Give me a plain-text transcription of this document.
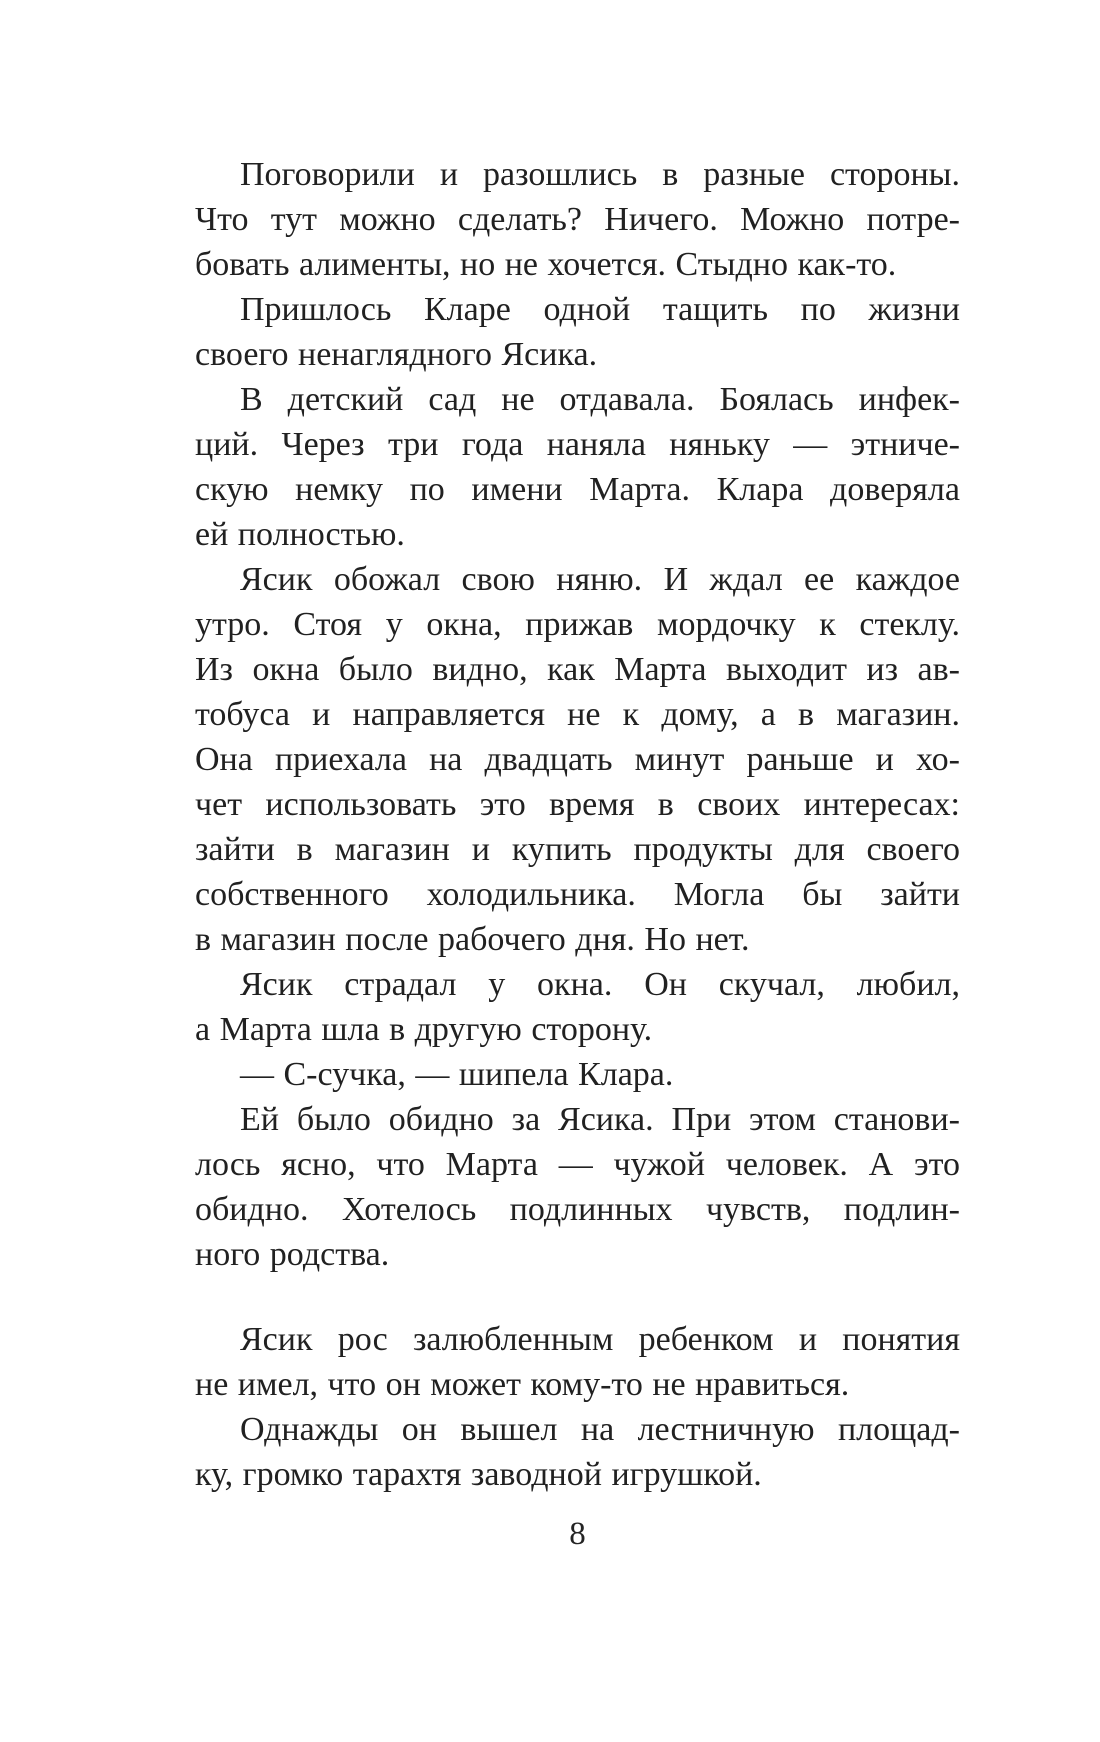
Поговорили и разошлись в разные стороны.
Что тут можно сделать? Ничего. Можно потре-
бовать алименты, но не хочется. Стыдно как-то.
Пришлось Кларе одной тащить по жизни
своего ненаглядного Ясика.
В детский сад не отдавала. Боялась инфек-
ций. Через три года наняла няньку — этниче-
скую немку по имени Марта. Клара доверяла
ей полностью.
Ясик обожал свою няню. И ждал ее каждое
утро. Стоя у окна, прижав мордочку к стеклу.
Из окна было видно, как Марта выходит из ав-
тобуса и направляется не к дому, а в магазин.
Она приехала на двадцать минут раньше и хо-
чет использовать это время в своих интересах:
зайти в магазин и купить продукты для своего
собственного холодильника. Могла бы зайти
в магазин после рабочего дня. Но нет.
Ясик страдал у окна. Он скучал, любил,
а Марта шла в другую сторону.
— С-сучка, — шипела Клара.
Ей было обидно за Ясика. При этом станови-
лось ясно, что Марта — чужой человек. А это
обидно. Хотелось подлинных чувств, подлин-
ного родства.
Ясик рос залюбленным ребенком и понятия
не имел, что он может кому-то не нравиться.
Однажды он вышел на лестничную площад-
ку, громко тарахтя заводной игрушкой.
8
